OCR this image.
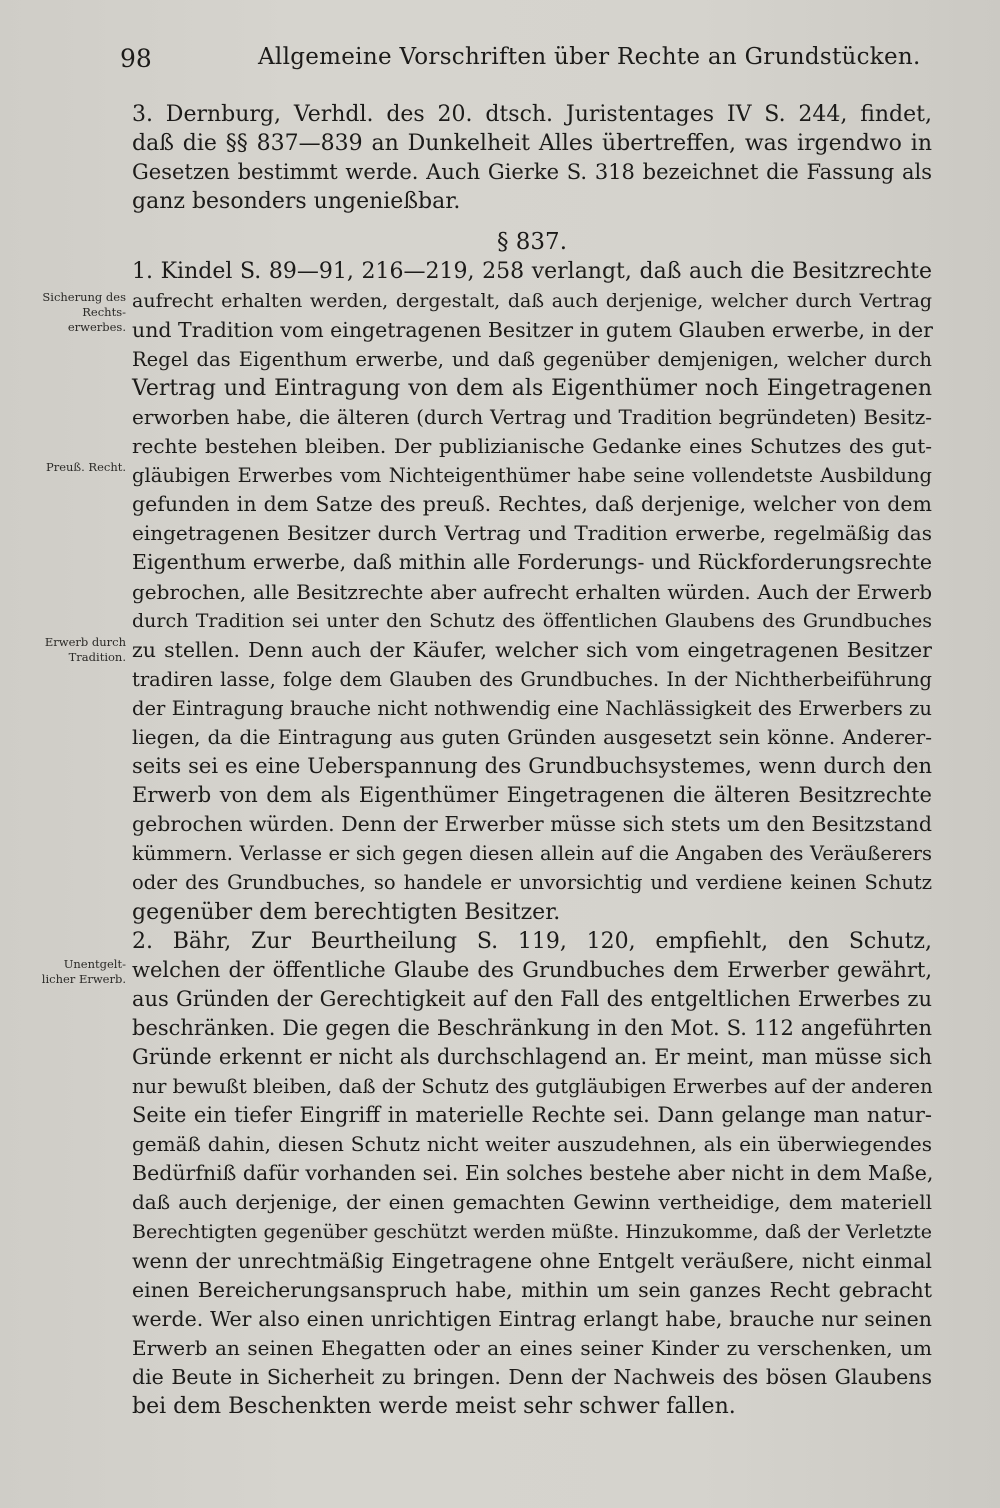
98	Allgemeine Vorschriften über Rechte an Grundstücken.
Sicherung des
Rechts-
erwerbes.
Preuß. Recht.
Erwerb durch
Tradition.
Unentgelt-
licher Erwerb.
3. Dernburg, Verhdl. des 20. dtsch. Juristentages IV S. 244, findet,
daß die §§ 837—839 an Dunkelheit Alles übertreffen, was irgendwo in
Gesetzen bestimmt werde. Auch Gierke S. 318 bezeichnet die Fassung als
ganz besonders ungenießbar.
§ 837.
1. Kindel S. 89—91, 216—219, 258 verlangt, daß auch die Besitzrechte
aufrecht erhalten werden, dergestalt, daß auch derjenige, welcher durch Vertrag
und Tradition vom eingetragenen Besitzer in gutem Glauben erwerbe, in der
Regel das Eigenthum erwerbe, und daß gegenüber demjenigen, welcher durch
Vertrag und Eintragung von dem als Eigenthümer noch Eingetragenen
erworben habe, die älteren (durch Vertrag und Tradition begründeten) Besitz-
rechte bestehen bleiben. Der publizianische Gedanke eines Schutzes des gut-
gläubigen Erwerbes vom Nichteigenthümer habe seine vollendetste Ausbildung
gefunden in dem Satze des preuß. Rechtes, daß derjenige, welcher von dem
eingetragenen Besitzer durch Vertrag und Tradition erwerbe, regelmäßig das
Eigenthum erwerbe, daß mithin alle Forderungs- und Rückforderungsrechte
gebrochen, alle Besitzrechte aber aufrecht erhalten würden. Auch der Erwerb
durch Tradition sei unter den Schutz des öffentlichen Glaubens des Grundbuches
zu stellen. Denn auch der Käufer, welcher sich vom eingetragenen Besitzer
tradiren lasse, folge dem Glauben des Grundbuches. In der Nichtherbeiführung
der Eintragung brauche nicht nothwendig eine Nachlässigkeit des Erwerbers zu
liegen, da die Eintragung aus guten Gründen ausgesetzt sein könne. Anderer-
seits sei es eine Ueberspannung des Grundbuchsystemes, wenn durch den
Erwerb von dem als Eigenthümer Eingetragenen die älteren Besitzrechte
gebrochen würden. Denn der Erwerber müsse sich stets um den Besitzstand
kümmern. Verlasse er sich gegen diesen allein auf die Angaben des Veräußerers
oder des Grundbuches, so handele er unvorsichtig und verdiene keinen Schutz
gegenüber dem berechtigten Besitzer.
2. Bähr, Zur Beurtheilung S. 119, 120, empfiehlt, den Schutz,
welchen der öffentliche Glaube des Grundbuches dem Erwerber gewährt,
aus Gründen der Gerechtigkeit auf den Fall des entgeltlichen Erwerbes zu
beschränken. Die gegen die Beschränkung in den Mot. S. 112 angeführten
Gründe erkennt er nicht als durchschlagend an. Er meint, man müsse sich
nur bewußt bleiben, daß der Schutz des gutgläubigen Erwerbes auf der anderen
Seite ein tiefer Eingriff in materielle Rechte sei. Dann gelange man natur-
gemäß dahin, diesen Schutz nicht weiter auszudehnen, als ein überwiegendes
Bedürfniß dafür vorhanden sei. Ein solches bestehe aber nicht in dem Maße,
daß auch derjenige, der einen gemachten Gewinn vertheidige, dem materiell
Berechtigten gegenüber geschützt werden müßte. Hinzukomme, daß der Verletzte
wenn der unrechtmäßig Eingetragene ohne Entgelt veräußere, nicht einmal
einen Bereicherungsanspruch habe, mithin um sein ganzes Recht gebracht
werde. Wer also einen unrichtigen Eintrag erlangt habe, brauche nur seinen
Erwerb an seinen Ehegatten oder an eines seiner Kinder zu verschenken, um
die Beute in Sicherheit zu bringen. Denn der Nachweis des bösen Glaubens
bei dem Beschenkten werde meist sehr schwer fallen.
